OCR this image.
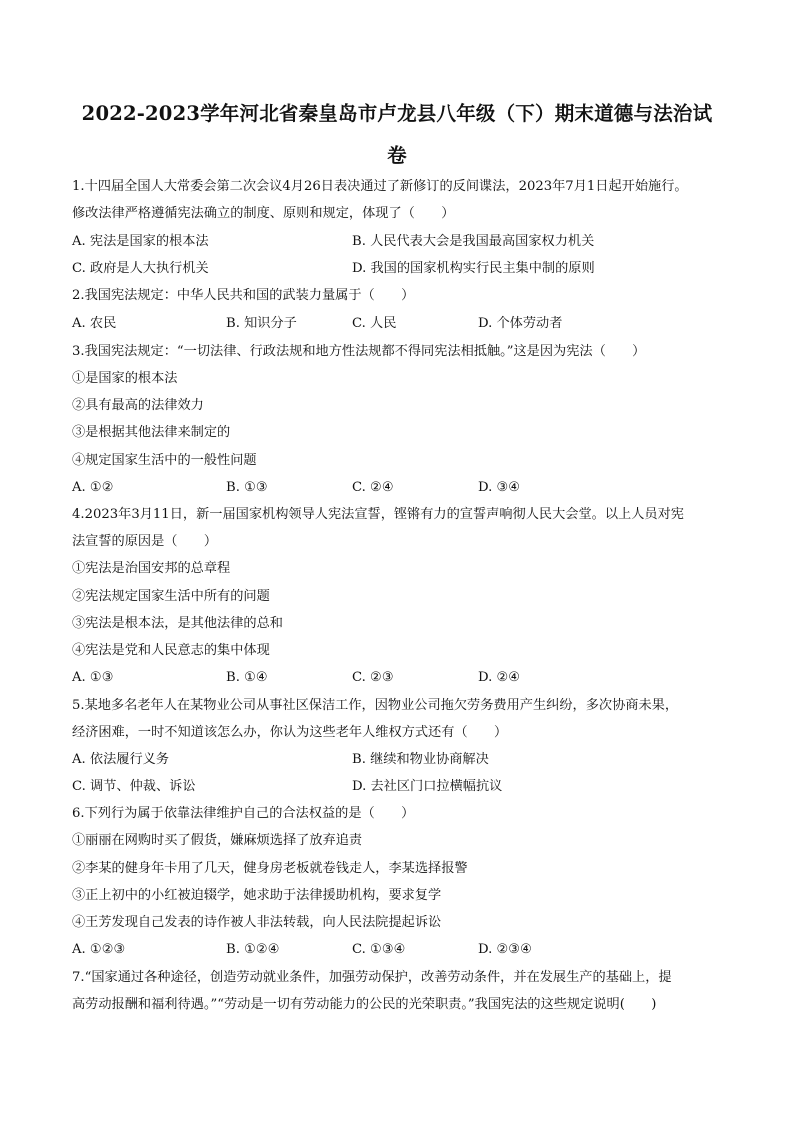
2022-2023学年河北省秦皇岛市卢龙县八年级（下）期末道德与法治试
卷
1.十四届全国人大常委会第二次会议4月26日表决通过了新修订的反间谍法，2023年7月1日起开始施行。
修改法律严格遵循宪法确立的制度、原则和规定，体现了（　　）
A. 宪法是国家的根本法	B. 人民代表大会是我国最高国家权力机关
C. 政府是人大执行机关	D. 我国的国家机构实行民主集中制的原则
2.我国宪法规定：中华人民共和国的武装力量属于（　　）
A. 农民	B. 知识分子	C. 人民	D. 个体劳动者
3.我国宪法规定：“一切法律、行政法规和地方性法规都不得同宪法相抵触。”这是因为宪法（　　）
①是国家的根本法
②具有最高的法律效力
③是根据其他法律来制定的
④规定国家生活中的一般性问题
A. ①②	B. ①③	C. ②④	D. ③④
4.2023年3月11日，新一届国家机构领导人宪法宣誓，铿锵有力的宣誓声响彻人民大会堂。以上人员对宪
法宣誓的原因是（　　）
①宪法是治国安邦的总章程
②宪法规定国家生活中所有的问题
③宪法是根本法，是其他法律的总和
④宪法是党和人民意志的集中体现
A. ①③	B. ①④	C. ②③	D. ②④
5.某地多名老年人在某物业公司从事社区保洁工作，因物业公司拖欠劳务费用产生纠纷，多次协商未果，
经济困难，一时不知道该怎么办，你认为这些老年人维权方式还有（　　）
A. 依法履行义务	B. 继续和物业协商解决
C. 调节、仲裁、诉讼	D. 去社区门口拉横幅抗议
6.下列行为属于依靠法律维护自己的合法权益的是（　　）
①丽丽在网购时买了假货，嫌麻烦选择了放弃追责
②李某的健身年卡用了几天，健身房老板就卷钱走人，李某选择报警
③正上初中的小红被迫辍学，她求助于法律援助机构，要求复学
④王芳发现自己发表的诗作被人非法转载，向人民法院提起诉讼
A. ①②③	B. ①②④	C. ①③④	D. ②③④
7.“国家通过各种途径，创造劳动就业条件，加强劳动保护，改善劳动条件，并在发展生产的基础上，提
高劳动报酬和福利待遇。”“劳动是一切有劳动能力的公民的光荣职责。”我国宪法的这些规定说明(　　)
